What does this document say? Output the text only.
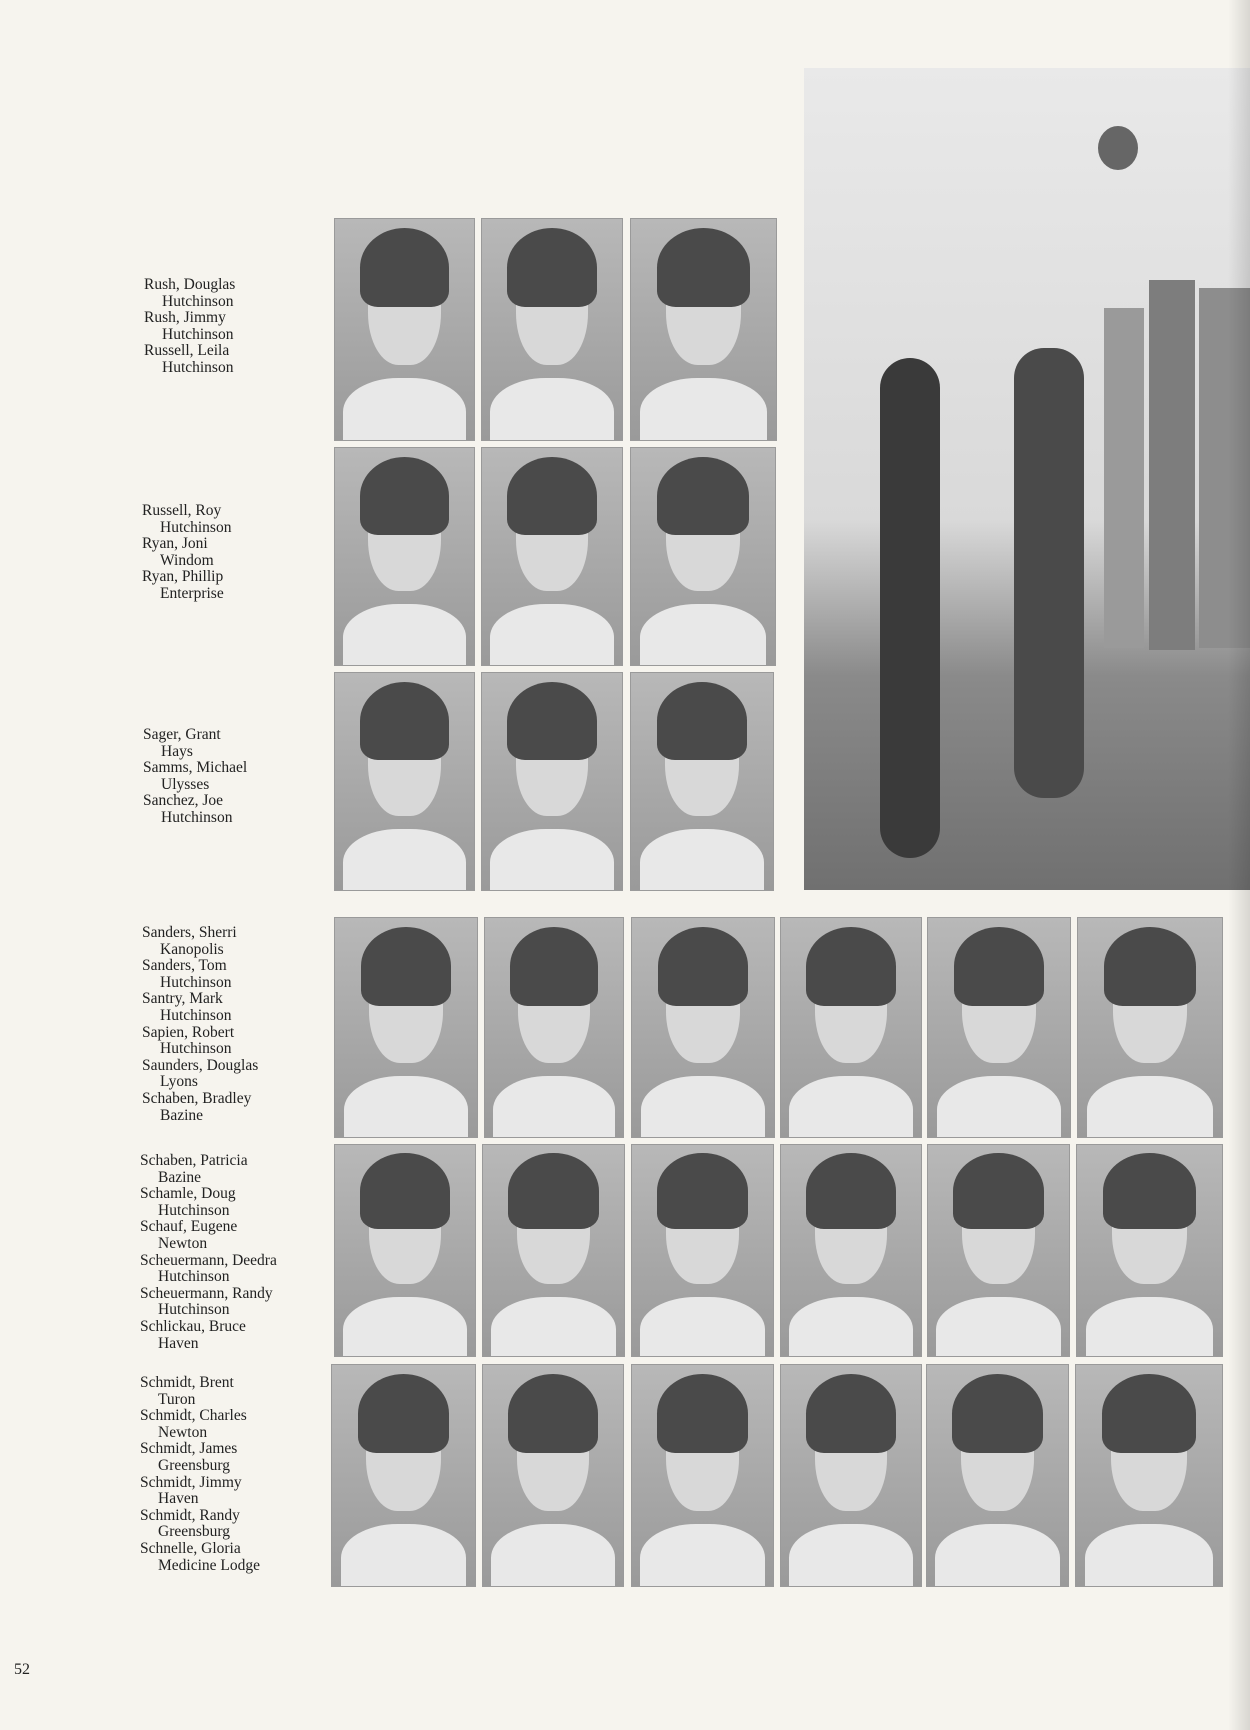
Rush, Douglas
Hutchinson
Rush, Jimmy
Hutchinson
Russell, Leila
Hutchinson
Russell, Roy
Hutchinson
Ryan, Joni
Windom
Ryan, Phillip
Enterprise
Sager, Grant
Hays
Samms, Michael
Ulysses
Sanchez, Joe
Hutchinson
Sanders, Sherri
Kanopolis
Sanders, Tom
Hutchinson
Santry, Mark
Hutchinson
Sapien, Robert
Hutchinson
Saunders, Douglas
Lyons
Schaben, Bradley
Bazine
Schaben, Patricia
Bazine
Schamle, Doug
Hutchinson
Schauf, Eugene
Newton
Scheuermann, Deedra
Hutchinson
Scheuermann, Randy
Hutchinson
Schlickau, Bruce
Haven
Schmidt, Brent
Turon
Schmidt, Charles
Newton
Schmidt, James
Greensburg
Schmidt, Jimmy
Haven
Schmidt, Randy
Greensburg
Schnelle, Gloria
Medicine Lodge
52
